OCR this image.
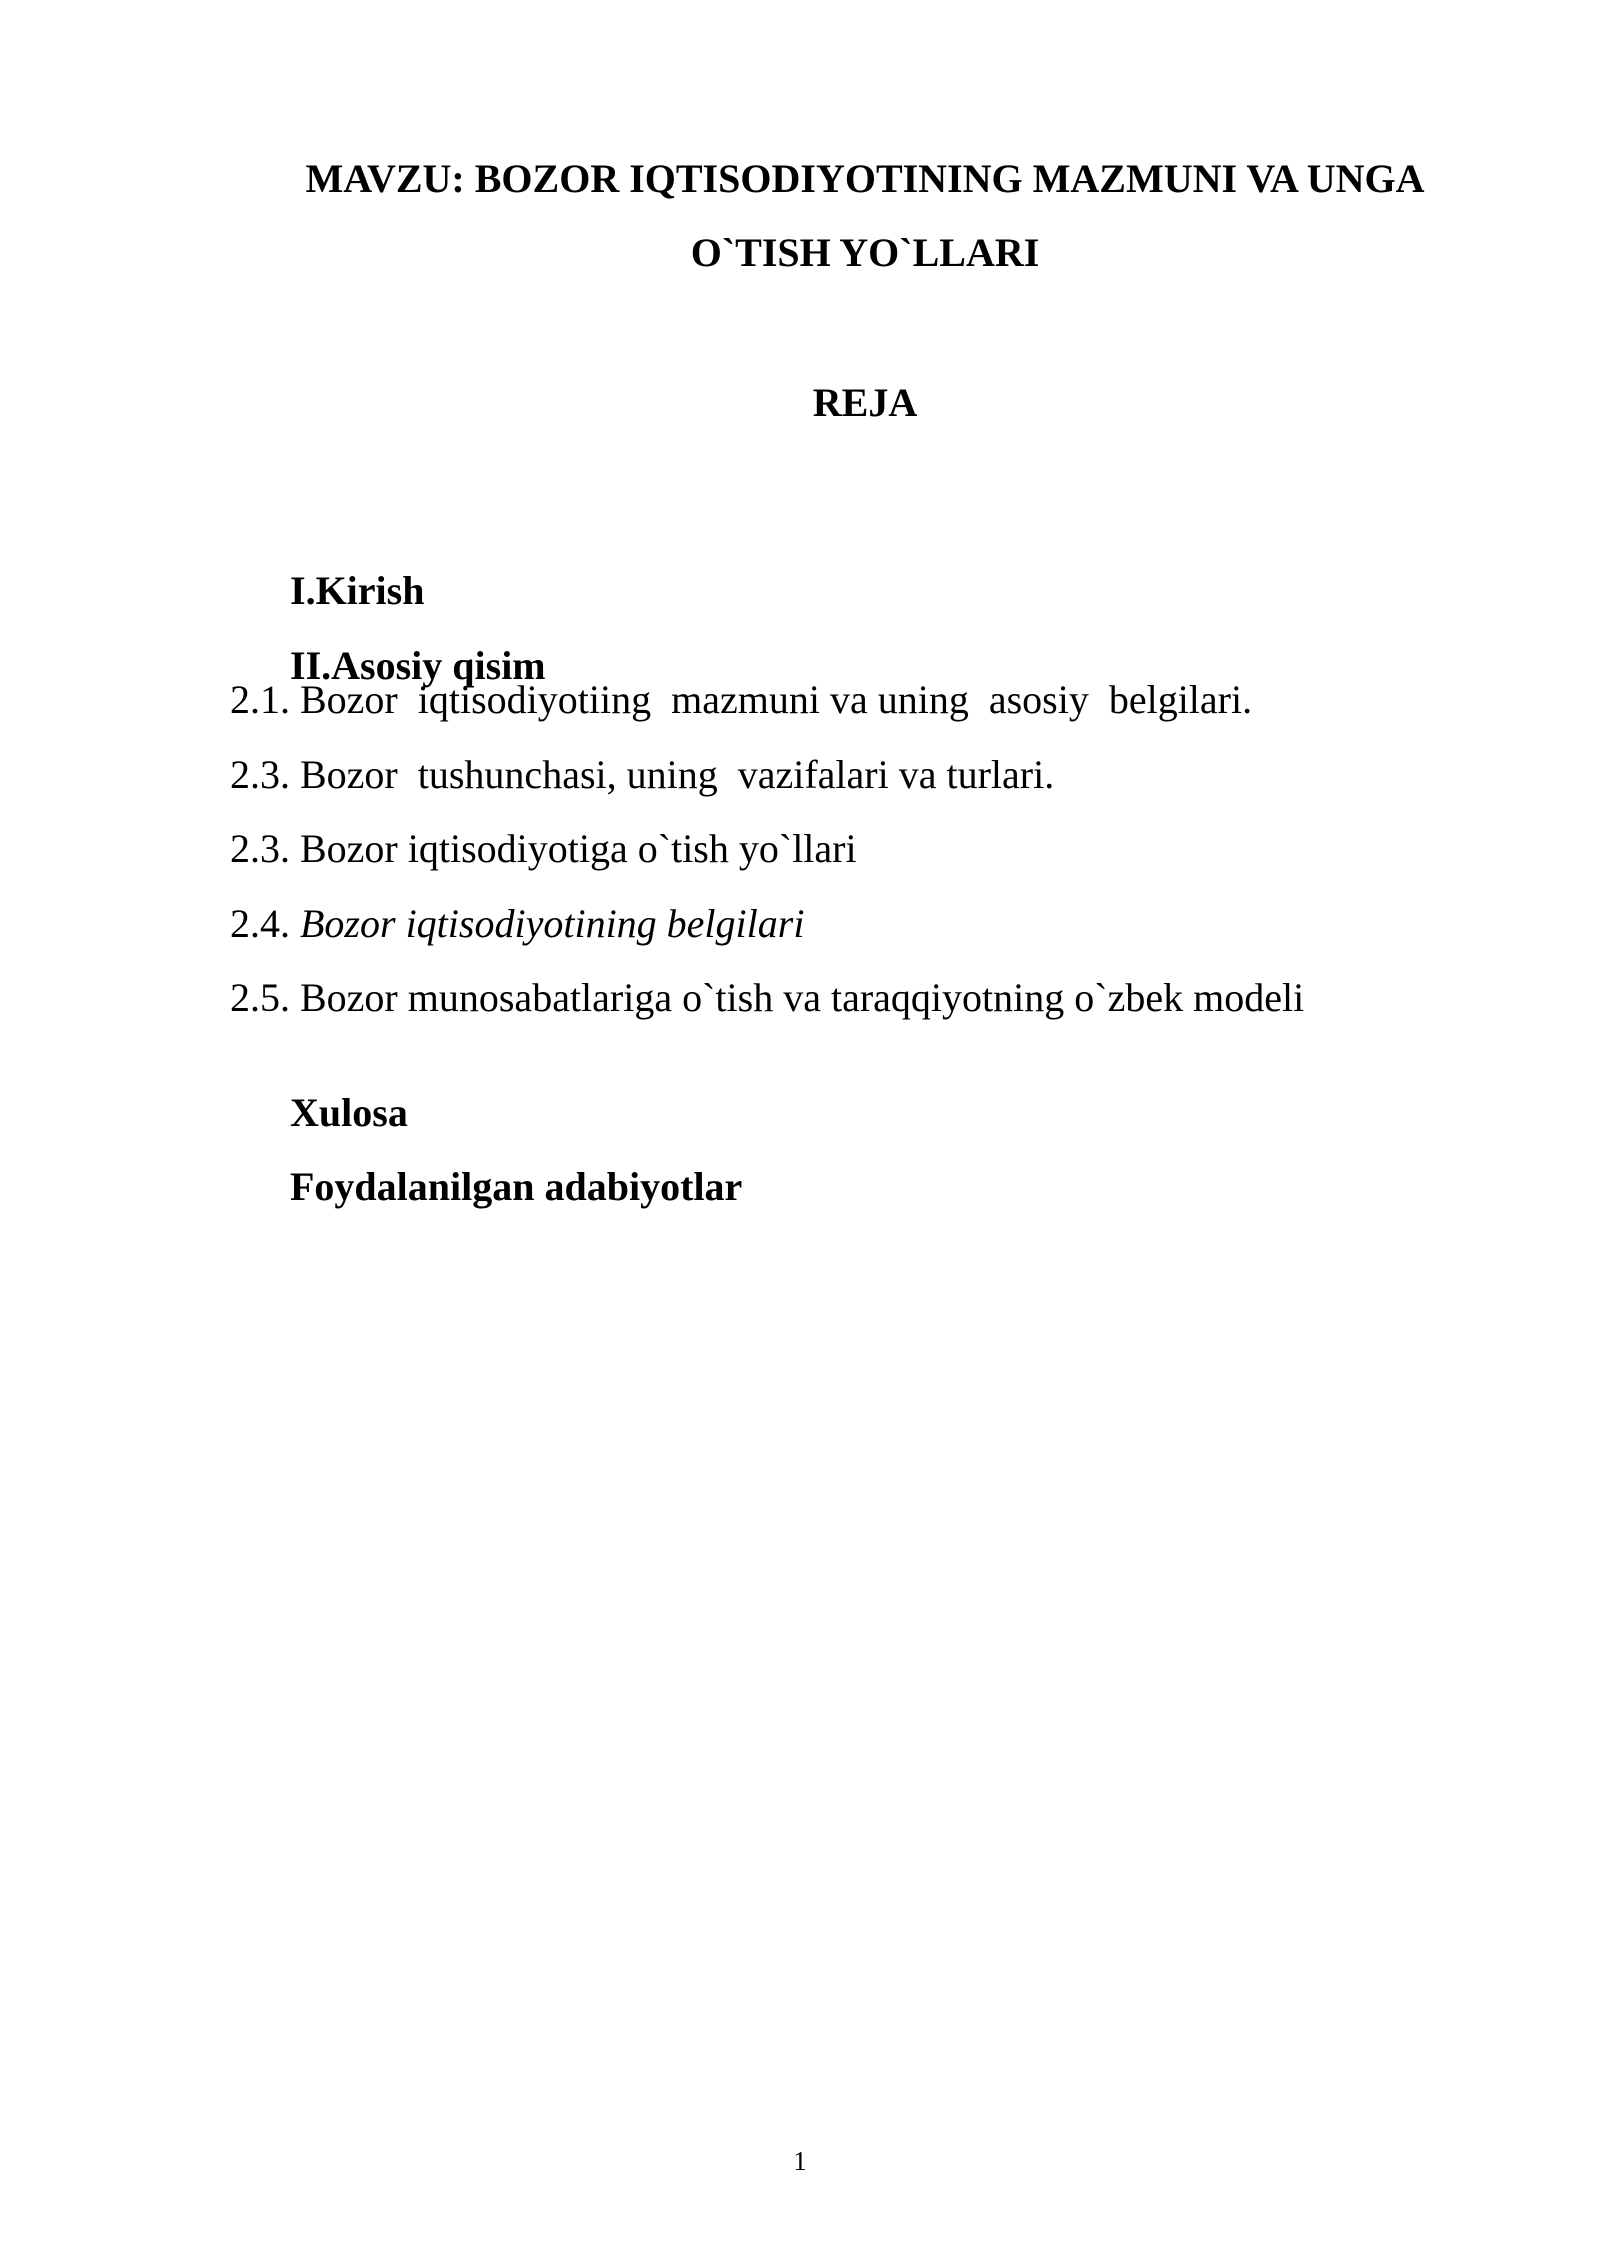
MAVZU: BOZOR IQTISODIYOTINING MAZMUNI VA UNGA
O`TISH YO`LLARI
REJA

I.Kirish

II.Asosiy qisim

2.1. Bozor  iqtisodiyotiing  mazmuni va uning  asosiy  belgilari.
2.3. Bozor  tushunchasi, uning  vazifalari va turlari.
2.3. Bozor iqtisodiyotiga o`tish yo`llari
2.4. Bozor iqtisodiyotining belgilari
2.5. Bozor munosabatlariga o`tish va taraqqiyotning o`zbek modeli

Xulosa

Foydalanilgan adabiyotlar

1
